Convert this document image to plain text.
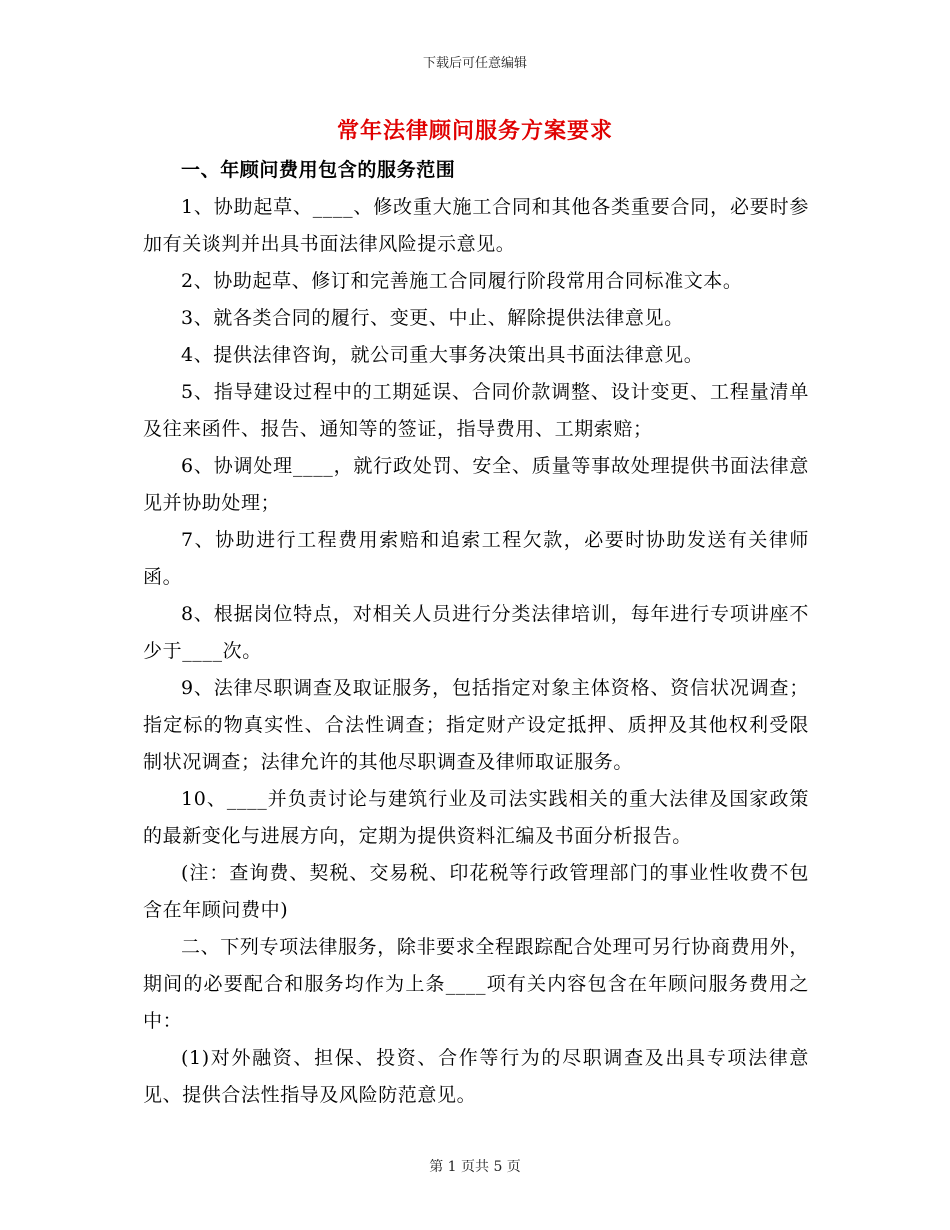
下载后可任意编辑
常年法律顾问服务方案要求

一、年顾问费用包含的服务范围

1、协助起草、____、修改重大施工合同和其他各类重要合同，必要时参加有关谈判并出具书面法律风险提示意见。

2、协助起草、修订和完善施工合同履行阶段常用合同标准文本。

3、就各类合同的履行、变更、中止、解除提供法律意见。

4、提供法律咨询，就公司重大事务决策出具书面法律意见。

5、指导建设过程中的工期延误、合同价款调整、设计变更、工程量清单及往来函件、报告、通知等的签证，指导费用、工期索赔；

6、协调处理____，就行政处罚、安全、质量等事故处理提供书面法律意见并协助处理；

7、协助进行工程费用索赔和追索工程欠款，必要时协助发送有关律师函。

8、根据岗位特点，对相关人员进行分类法律培训，每年进行专项讲座不少于____次。

9、法律尽职调查及取证服务，包括指定对象主体资格、资信状况调查；指定标的物真实性、合法性调查；指定财产设定抵押、质押及其他权利受限制状况调查；法律允许的其他尽职调查及律师取证服务。

10、____并负责讨论与建筑行业及司法实践相关的重大法律及国家政策的最新变化与进展方向，定期为提供资料汇编及书面分析报告。

(注：查询费、契税、交易税、印花税等行政管理部门的事业性收费不包含在年顾问费中)

二、下列专项法律服务，除非要求全程跟踪配合处理可另行协商费用外，期间的必要配合和服务均作为上条____项有关内容包含在年顾问服务费用之中：

(1)对外融资、担保、投资、合作等行为的尽职调查及出具专项法律意见、提供合法性指导及风险防范意见。

第 1 页共 5 页
